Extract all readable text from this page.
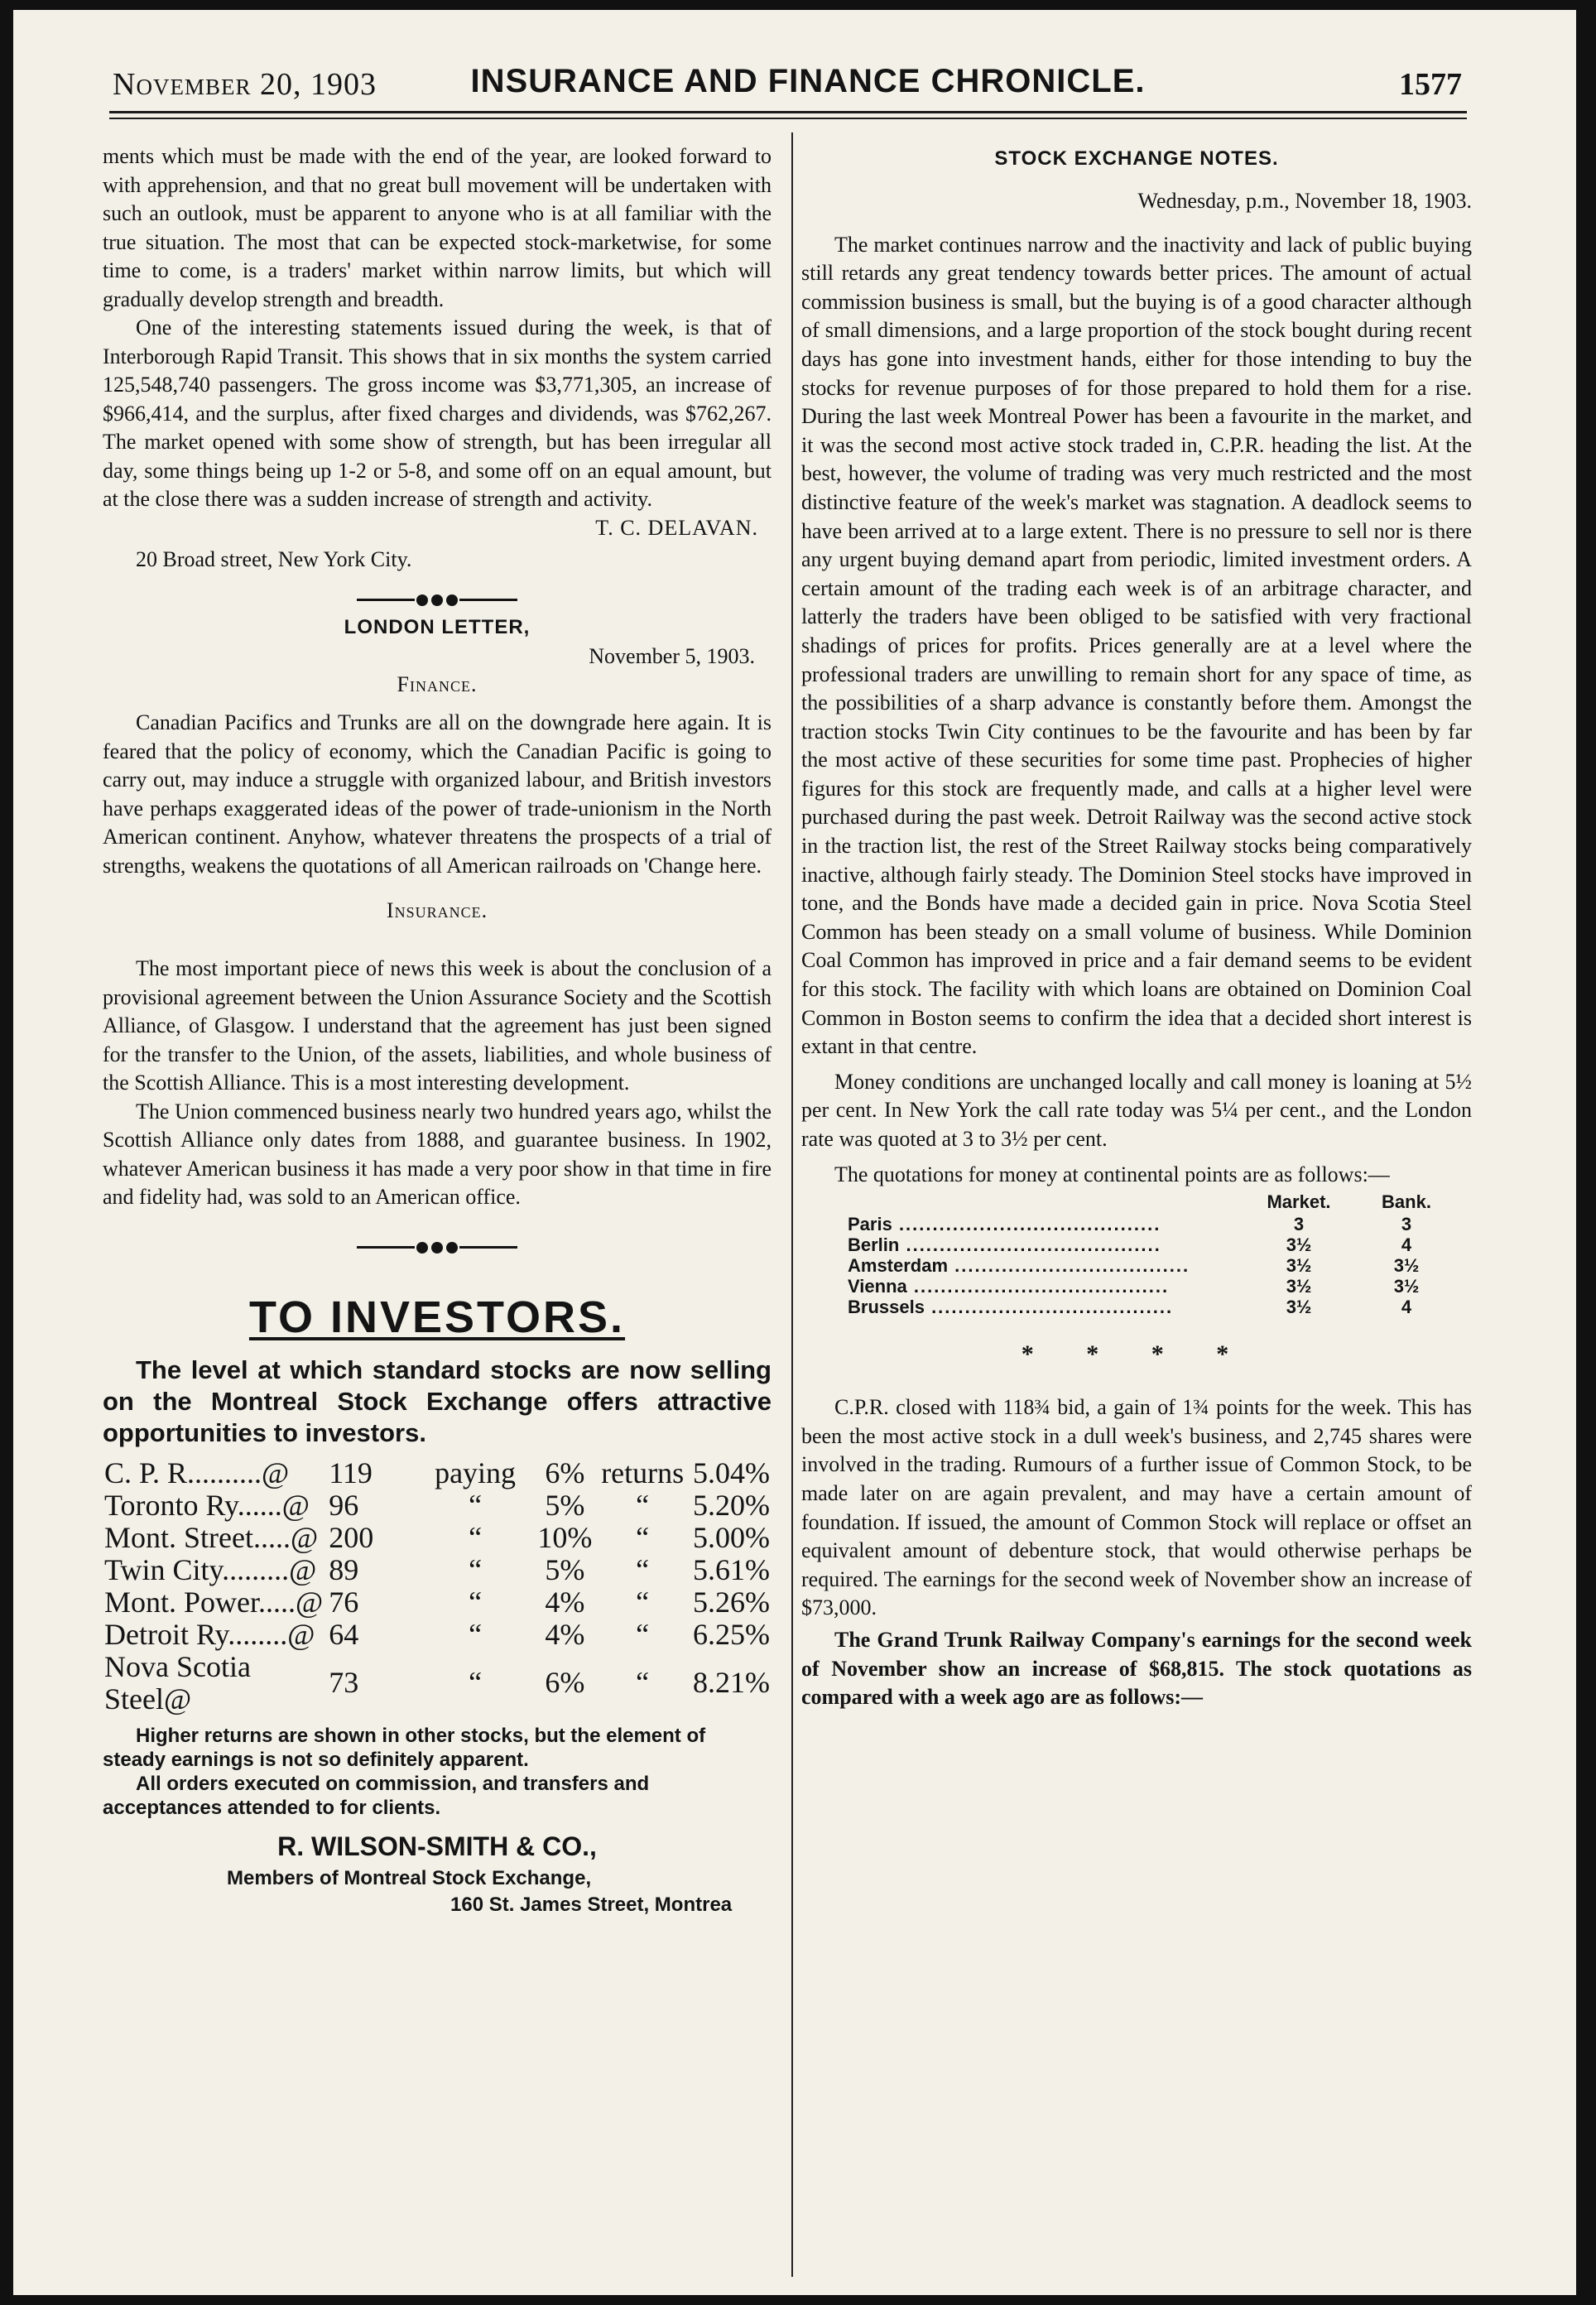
November 20, 1903	INSURANCE AND FINANCE CHRONICLE.	1577

ments which must be made with the end of the year, are looked forward to with apprehension, and that no great bull movement will be undertaken with such an outlook, must be apparent to anyone who is at all familiar with the true situation. The most that can be expected stock-marketwise, for some time to come, is a traders' market within narrow limits, but which will gradually develop strength and breadth.

One of the interesting statements issued during the week, is that of Interborough Rapid Transit. This shows that in six months the system carried 125,548,740 passengers. The gross income was $3,771,305, an increase of $966,414, and the surplus, after fixed charges and dividends, was $762,267. The market opened with some show of strength, but has been irregular all day, some things being up 1-2 or 5-8, and some off on an equal amount, but at the close there was a sudden increase of strength and activity.

T. C. DELAVAN.

20 Broad street, New York City.

LONDON LETTER,

November 5, 1903.

Finance.

Canadian Pacifics and Trunks are all on the downgrade here again. It is feared that the policy of economy, which the Canadian Pacific is going to carry out, may induce a struggle with organized labour, and British investors have perhaps exaggerated ideas of the power of trade-unionism in the North American continent. Anyhow, whatever threatens the prospects of a trial of strengths, weakens the quotations of all American railroads on 'Change here.

Insurance.

The most important piece of news this week is about the conclusion of a provisional agreement between the Union Assurance Society and the Scottish Alliance, of Glasgow. I understand that the agreement has just been signed for the transfer to the Union, of the assets, liabilities, and whole business of the Scottish Alliance. This is a most interesting development.

The Union commenced business nearly two hundred years ago, whilst the Scottish Alliance only dates from 1888, and guarantee business. In 1902, whatever American business it has made a very poor show in that time in fire and fidelity had, was sold to an American office.

TO INVESTORS.

The level at which standard stocks are now selling on the Montreal Stock Exchange offers attractive opportunities to investors.

C. P. R..........@	119	paying	6%	returns	5.04%
Toronto Ry......@	96	“	5%	“	5.20%
Mont. Street.....@	200	“	10%	“	5.00%
Twin City.........@	89	“	5%	“	5.61%
Mont. Power.....@	76	“	4%	“	5.26%
Detroit Ry........@	64	“	4%	“	6.25%
Nova Scotia Steel@	73	“	6%	“	8.21%

Higher returns are shown in other stocks, but the element of steady earnings is not so definitely apparent.

All orders executed on commission, and transfers and acceptances attended to for clients.

R. WILSON-SMITH & CO.,
Members of Montreal Stock Exchange,
160 St. James Street, Montrea
STOCK EXCHANGE NOTES.

Wednesday, p.m., November 18, 1903.

The market continues narrow and the inactivity and lack of public buying still retards any great tendency towards better prices. The amount of actual commission business is small, but the buying is of a good character although of small dimensions, and a large proportion of the stock bought during recent days has gone into investment hands, either for those intending to buy the stocks for revenue purposes of for those prepared to hold them for a rise. During the last week Montreal Power has been a favourite in the market, and it was the second most active stock traded in, C.P.R. heading the list. At the best, however, the volume of trading was very much restricted and the most distinctive feature of the week's market was stagnation. A deadlock seems to have been arrived at to a large extent. There is no pressure to sell nor is there any urgent buying demand apart from periodic, limited investment orders. A certain amount of the trading each week is of an arbitrage character, and latterly the traders have been obliged to be satisfied with very fractional shadings of prices for profits. Prices generally are at a level where the professional traders are unwilling to remain short for any space of time, as the possibilities of a sharp advance is constantly before them. Amongst the traction stocks Twin City continues to be the favourite and has been by far the most active of these securities for some time past. Prophecies of higher figures for this stock are frequently made, and calls at a higher level were purchased during the past week. Detroit Railway was the second active stock in the traction list, the rest of the Street Railway stocks being comparatively inactive, although fairly steady. The Dominion Steel stocks have improved in tone, and the Bonds have made a decided gain in price. Nova Scotia Steel Common has been steady on a small volume of business. While Dominion Coal Common has improved in price and a fair demand seems to be evident for this stock. The facility with which loans are obtained on Dominion Coal Common in Boston seems to confirm the idea that a decided short interest is extant in that centre.

Money conditions are unchanged locally and call money is loaning at 5½ per cent. In New York the call rate today was 5¼ per cent., and the London rate was quoted at 3 to 3½ per cent.

The quotations for money at continental points are as follows:—

	Market.	Bank.
Paris .......................................	3	3
Berlin ......................................	3½	4
Amsterdam ...................................	3½	3½
Vienna ......................................	3½	3½
Brussels ....................................	3½	4
* * * *

C.P.R. closed with 118¾ bid, a gain of 1¾ points for the week. This has been the most active stock in a dull week's business, and 2,745 shares were involved in the trading. Rumours of a further issue of Common Stock, to be made later on are again prevalent, and may have a certain amount of foundation. If issued, the amount of Common Stock will replace or offset an equivalent amount of debenture stock, that would otherwise perhaps be required. The earnings for the second week of November show an increase of $73,000.

The Grand Trunk Railway Company's earnings for the second week of November show an increase of $68,815. The stock quotations as compared with a week ago are as follows:—
